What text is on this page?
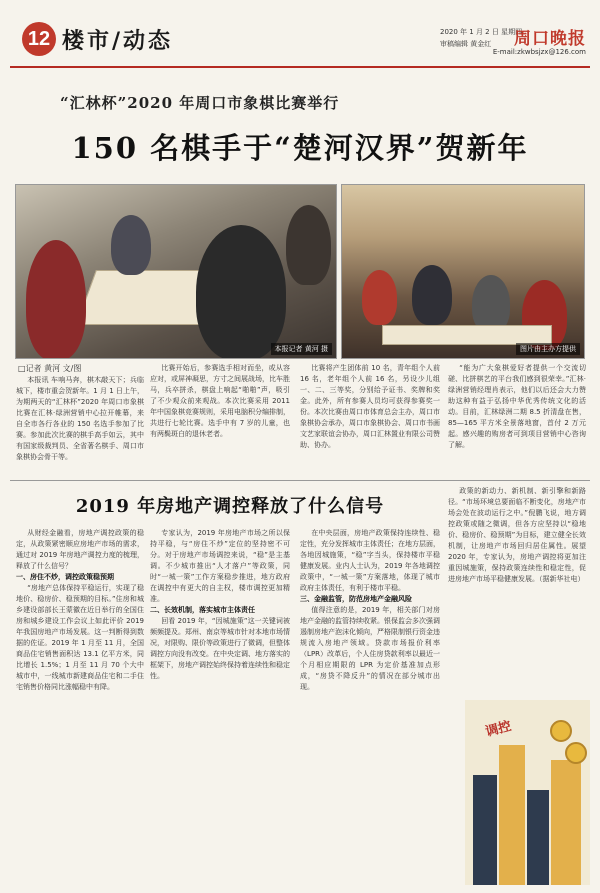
12 楼市/动态	2020 年 1 月 2 日 星期四
审稿编辑 黄金红	周口晚报
E-mail:zkwbsjzx@126.com
“汇林杯”2020 年周口市象棋比赛举行
150 名棋手于“楚河汉界”贺新年
本报记者 黄河 摄	图片由主办方提供
□记者 黄河 文/图

本报讯 车响马奔，棋木敲天下；兵临城下，楼市重会贺新年。1 月 1 日上午，为期两天的“汇林杯”2020 年周口市象棋比赛在汇林·绿洲营销中心拉开帷幕，来自全市各行各业的 150 名选手参加了比赛。参加此次比赛的棋手高手如云，其中有国家级裁判员、全省著名棋手、周口市象棋协会骨干等。

比赛开始后，参赛选手相对而坐，或从容应对，或屏神凝思，方寸之间展战场，比车胜马，兵卒拼杀，棋盘上响起“啪啪”声，吸引了不少观众前来观战。本次比赛采用 2011 年中国象棋竞赛规则，采用电脑积分编排制，共进行七轮比赛。选手中有 7 岁的儿童，也有两鬓斑白的退休老者。

比赛将产生团体前 10 名，青年组个人前 16 名，老年组个人前 16 名，另设少儿组一、二、三等奖，分别给予证书、奖牌和奖金。此外，所有参赛人员均可获得参赛奖一份。本次比赛由周口市体育总会主办，周口市象棋协会承办，周口市象棋协会、周口市书画文艺家联谊会协办，周口汇林置业有限公司赞助、协办。

“能为广大象棋爱好者提供一个交流切磋、比拼棋艺的平台我们感到很荣幸。”汇林·绿洲营销经理肖表示，他们以后还会大力赞助这种有益于弘扬中华优秀传统文化的活动。目前，汇林绿洲二期 8.5 折清盘在售，85—165 平方米全景落地窗，首付 2 万元起。感兴趣的购房者可到项目营销中心咨询了解。

2019 年房地产调控释放了什么信号

从财经金融看，房地产调控政策的稳定，从政策紧密顺应房地产市场的需求，通过对 2019 年房地产调控力度的梳理，释放了什么信号？

一、房住不炒，调控政策稳预期

“房地产总体保持平稳运行，实现了稳地价、稳房价、稳预期的目标。”住房和城乡建设部部长王蒙徽在近日举行的全国住房和城乡建设工作会议上如此评价 2019 年我国房地产市场发展。这一判断得到数据的佐证。2019 年 1 月至 11 月，全国商品住宅销售面积达 13.1 亿平方米，同比增长 1.5%；1 月至 11 月 70 个大中城市中，一线城市新建商品住宅和二手住宅销售价格同比涨幅稳中有降。

专家认为，2019 年房地产市场之所以保持平稳，与“房住不炒”定位的坚持密不可分。对于房地产市场调控来说，“稳”是主基调。不少城市推出“人才落户”等政策，同时“一城一策”工作方案稳步推进，地方政府在调控中有更大的自主权，楼市调控更加精准。

二、长效机制，落实城市主体责任

回看 2019 年，“因城施策”这一关键词被频频提及。郑州、南京等城市针对本地市场情况，对限购、限价等政策进行了微调，但整体调控方向没有改变。在中央定调、地方落实的框架下，房地产调控始终保持着连续性和稳定性。

在中央层面，房地产政策保持连续性、稳定性，充分发挥城市主体责任；在地方层面，各地因城施策，“稳”字当头，保持楼市平稳健康发展。业内人士认为，2019 年各地调控政策中，“一城一策”方案落地，体现了城市政府主体责任，有利于楼市平稳。

三、金融监管，防范房地产金融风险

值得注意的是，2019 年，相关部门对房地产金融的监管持续收紧。银保监会多次强调遏制房地产泡沫化倾向，严格限制银行资金违规流入房地产领域。贷款市场报价利率（LPR）改革后，个人住房贷款利率以最近一个月相应期限的 LPR 为定价基准加点形成，“房贷不降反升”的情况在部分城市出现。

政策的新动力、新机制、新引擎和新路径。“市场环境总要面临不断变化，房地产市场会处在波动运行之中。”倪鹏飞说，地方调控政策或随之微调，但各方应坚持以“稳地价、稳房价、稳预期”为目标，建立健全长效机制，让房地产市场回归居住属性。展望 2020 年，专家认为，房地产调控将更加注重因城施策，保持政策连续性和稳定性，促进房地产市场平稳健康发展。（据新华社电）

调控
